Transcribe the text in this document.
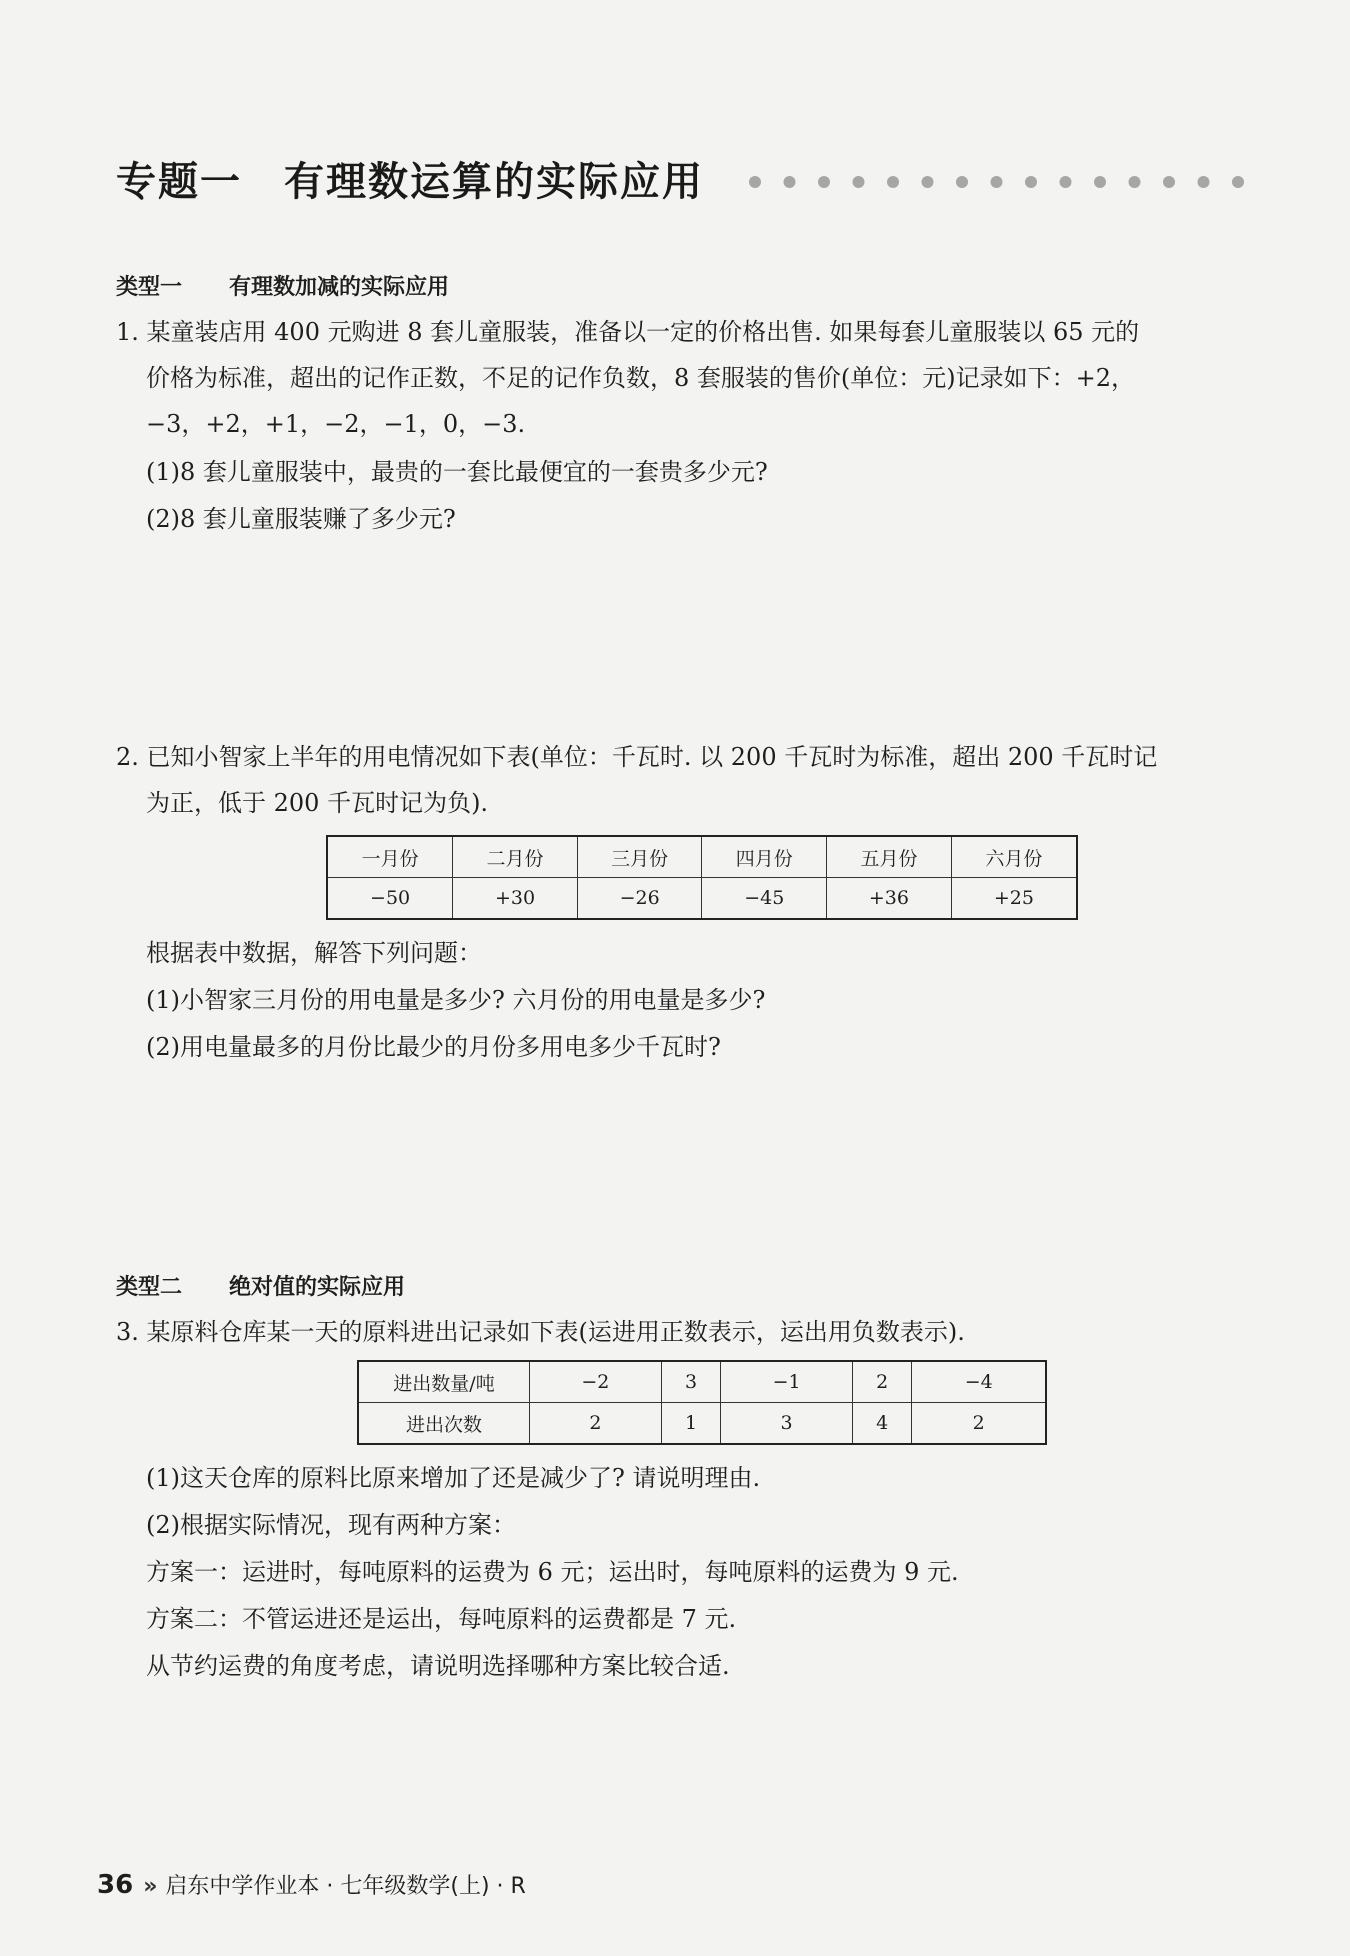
专题一　有理数运算的实际应用
类型一 有理数加减的实际应用
1. 某童装店用 400 元购进 8 套儿童服装，准备以一定的价格出售. 如果每套儿童服装以 65 元的
价格为标准，超出的记作正数，不足的记作负数，8 套服装的售价(单位：元)记录如下：+2，
−3，+2，+1，−2，−1，0，−3.
(1)8 套儿童服装中，最贵的一套比最便宜的一套贵多少元?
(2)8 套儿童服装赚了多少元?
2. 已知小智家上半年的用电情况如下表(单位：千瓦时. 以 200 千瓦时为标准，超出 200 千瓦时记
为正，低于 200 千瓦时记为负).
一月份	二月份	三月份	四月份	五月份	六月份
−50	+30	−26	−45	+36	+25
根据表中数据，解答下列问题：
(1)小智家三月份的用电量是多少? 六月份的用电量是多少?
(2)用电量最多的月份比最少的月份多用电多少千瓦时?
类型二 绝对值的实际应用
3. 某原料仓库某一天的原料进出记录如下表(运进用正数表示，运出用负数表示).
进出数量/吨	−2	3	−1	2	−4
进出次数	2	1	3	4	2
(1)这天仓库的原料比原来增加了还是减少了? 请说明理由.
(2)根据实际情况，现有两种方案：
方案一：运进时，每吨原料的运费为 6 元；运出时，每吨原料的运费为 9 元.
方案二：不管运进还是运出，每吨原料的运费都是 7 元.
从节约运费的角度考虑，请说明选择哪种方案比较合适.
36 » 启东中学作业本 · 七年级数学(上) · R
